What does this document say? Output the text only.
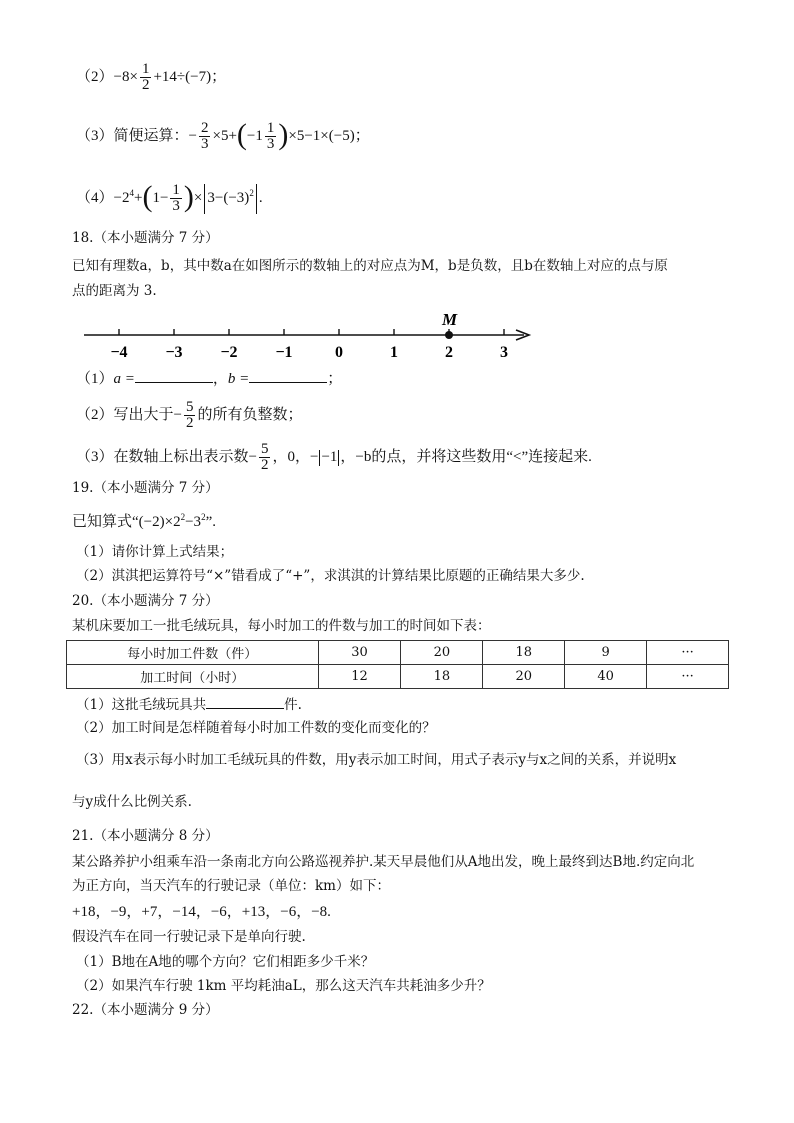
$(2)-8\times \frac{1}{2} +14\div(-7)$；
（3）简便运算：− $\frac{2}{3} \times 5+(-1 \frac{1}{3} )\times 5-1\times(-5)$；
$(4)-2^4+(1- \frac{1}{3}$ )× $3-(-3)^2$ .
18.（本小题满分 7 分）
已知有理数a，b，其中数a在如图所示的数轴上的对应点为M，b是负数，且b在数轴上对应的点与原
点的距离为 3.
−4 −3 −2 −1	0	1	2	3
M
（1）a =	，b =	；
（2）写出大于− $\frac{5}{2}$ 的所有负整数；
（3）在数轴上标出表示数− $\frac{5}{2}$ ，0，− −1 ，−b的点，并将这些数用“<”连接起来.
19.（本小题满分 7 分）
已知算式“$(-2)\times 2^2-3^2$”.
（1）请你计算上式结果；
（2）淇淇把运算符号“×”错看成了“+”，求淇淇的计算结果比原题的正确结果大多少.
20.（本小题满分 7 分）
某机床要加工一批毛绒玩具，每小时加工的件数与加工的时间如下表：
每小时加工件数（件）	30	20	18	9	···
加工时间（小时）	12	18	20	40	···
（1）这批毛绒玩具共	件.
（2）加工时间是怎样随着每小时加工件数的变化而变化的？
（3）用x表示每小时加工毛绒玩具的件数，用y表示加工时间，用式子表示y与x之间的关系，并说明x
与y成什么比例关系.
21.（本小题满分 8 分）
某公路养护小组乘车沿一条南北方向公路巡视养护.某天早晨他们从A地出发，晚上最终到达B地.约定向北
为正方向，当天汽车的行驶记录（单位：km）如下：
+18，−9，+7，−14，−6，+13，−6，−8.
假设汽车在同一行驶记录下是单向行驶.
（1）B地在A地的哪个方向？它们相距多少千米？
（2）如果汽车行驶 1km 平均耗油aL，那么这天汽车共耗油多少升？
22.（本小题满分 9 分）
